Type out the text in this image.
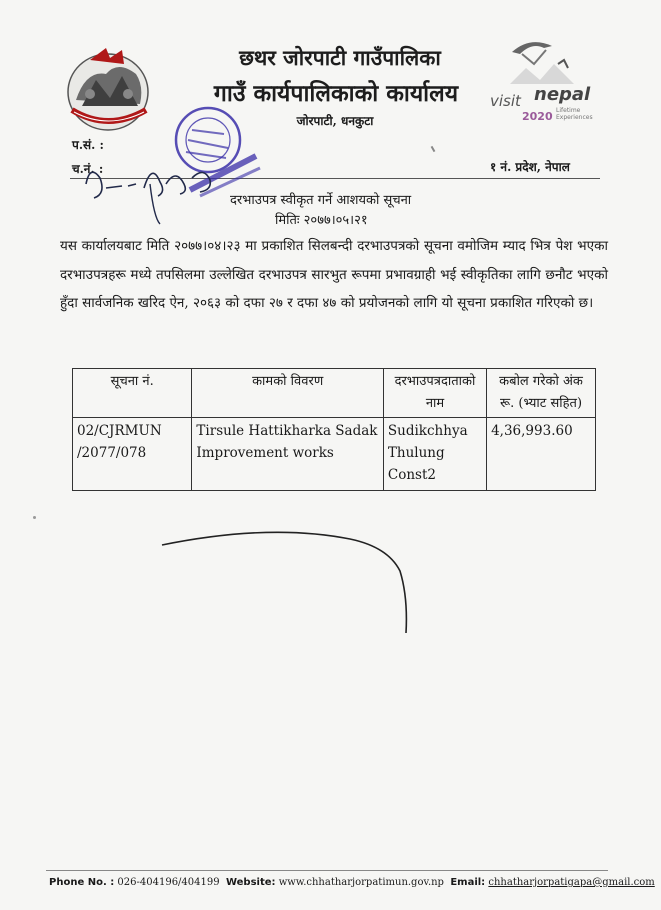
छथर जोरपाटी गाउँपालिका
गाउँ कार्यपालिकाको कार्यालय
जोरपाटी, धनकुटा
visit nepal
2020 Lifetime Experiences
प.सं. :
च.नं. :	१ नं. प्रदेश, नेपाल
दरभाउपत्र स्वीकृत गर्ने आशयको सूचना
मितिः २०७७।०५।२१
यस कार्यालयबाट मिति २०७७।०४।२३ मा प्रकाशित सिलबन्दी दरभाउपत्रको सूचना वमोजिम म्याद भित्र पेश भएका दरभाउपत्रहरू मध्ये तपसिलमा उल्लेखित दरभाउपत्र सारभुत रूपमा प्रभावग्राही भई स्वीकृतिका लागि छनौट भएको हुँदा सार्वजनिक खरिद ऐन, २०६३ को दफा २७ र दफा ४७ को प्रयोजनको लागि यो सूचना प्रकाशित गरिएको छ।
सूचना नं.	कामको विवरण	दरभाउपत्रदाताको नाम	कबोल गरेको अंक रू. (भ्याट सहित)
02/CJRMUN /2077/078	Tirsule Hattikharka Sadak Improvement works	Sudikchhya Thulung Const2	4,36,993.60
Phone No. : 026-404196/404199 Website: www.chhatharjorpatimun.gov.np Email: chhatharjorpatigapa@gmail.com
